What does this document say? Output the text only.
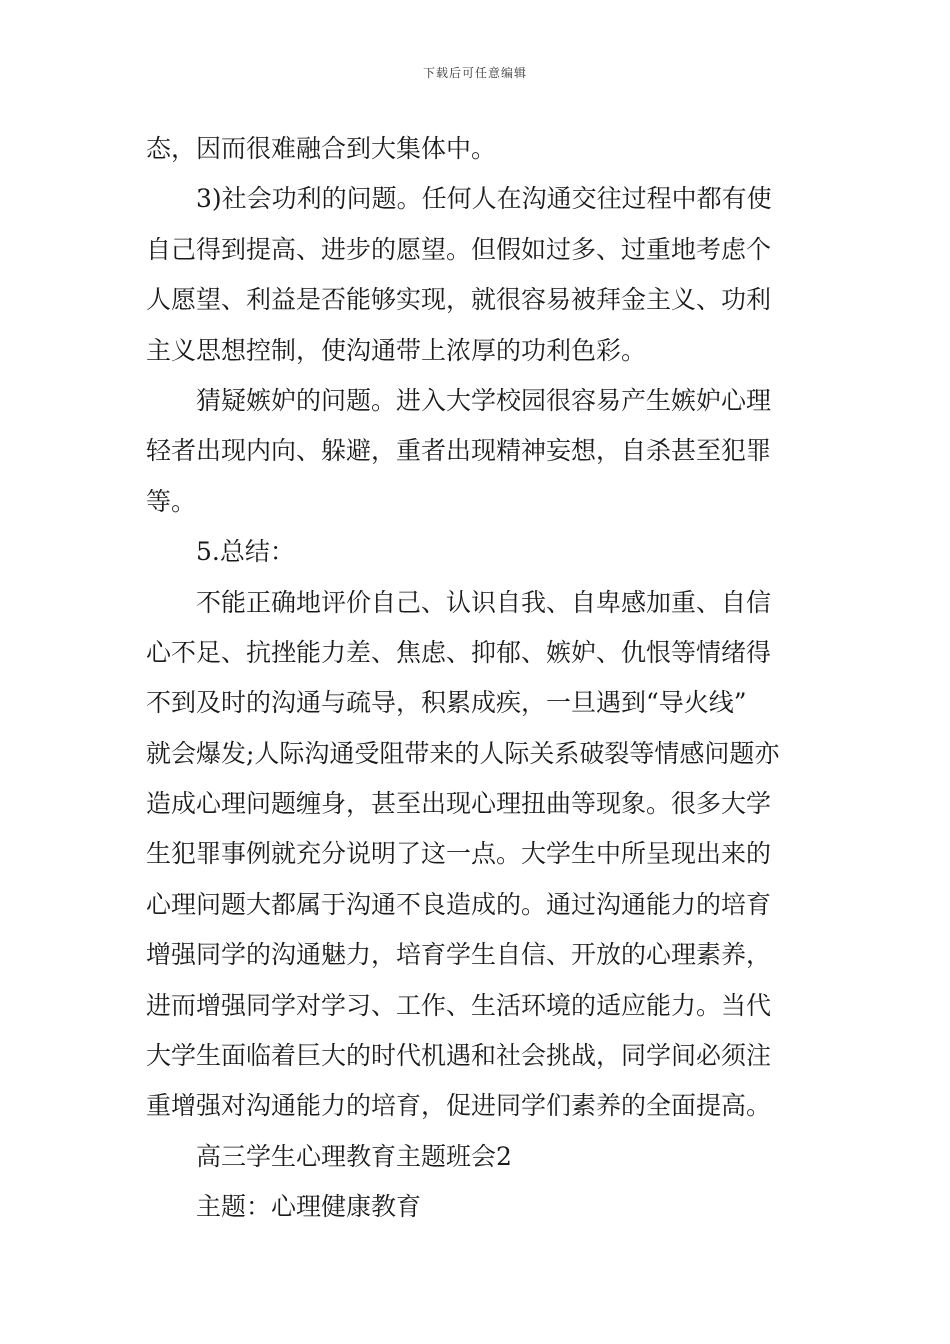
下载后可任意编辑
态，因而很难融合到大集体中。
3)社会功利的问题。任何人在沟通交往过程中都有使
自己得到提高、进步的愿望。但假如过多、过重地考虑个
人愿望、利益是否能够实现，就很容易被拜金主义、功利
主义思想控制，使沟通带上浓厚的功利色彩。
猜疑嫉妒的问题。进入大学校园很容易产生嫉妒心理
轻者出现内向、躲避，重者出现精神妄想，自杀甚至犯罪
等。
5.总结：
不能正确地评价自己、认识自我、自卑感加重、自信
心不足、抗挫能力差、焦虑、抑郁、嫉妒、仇恨等情绪得
不到及时的沟通与疏导，积累成疾，一旦遇到“导火线”
就会爆发;人际沟通受阻带来的人际关系破裂等情感问题亦
造成心理问题缠身，甚至出现心理扭曲等现象。很多大学
生犯罪事例就充分说明了这一点。大学生中所呈现出来的
心理问题大都属于沟通不良造成的。通过沟通能力的培育
增强同学的沟通魅力，培育学生自信、开放的心理素养，
进而增强同学对学习、工作、生活环境的适应能力。当代
大学生面临着巨大的时代机遇和社会挑战，同学间必须注
重增强对沟通能力的培育，促进同学们素养的全面提高。
高三学生心理教育主题班会2
主题：心理健康教育
